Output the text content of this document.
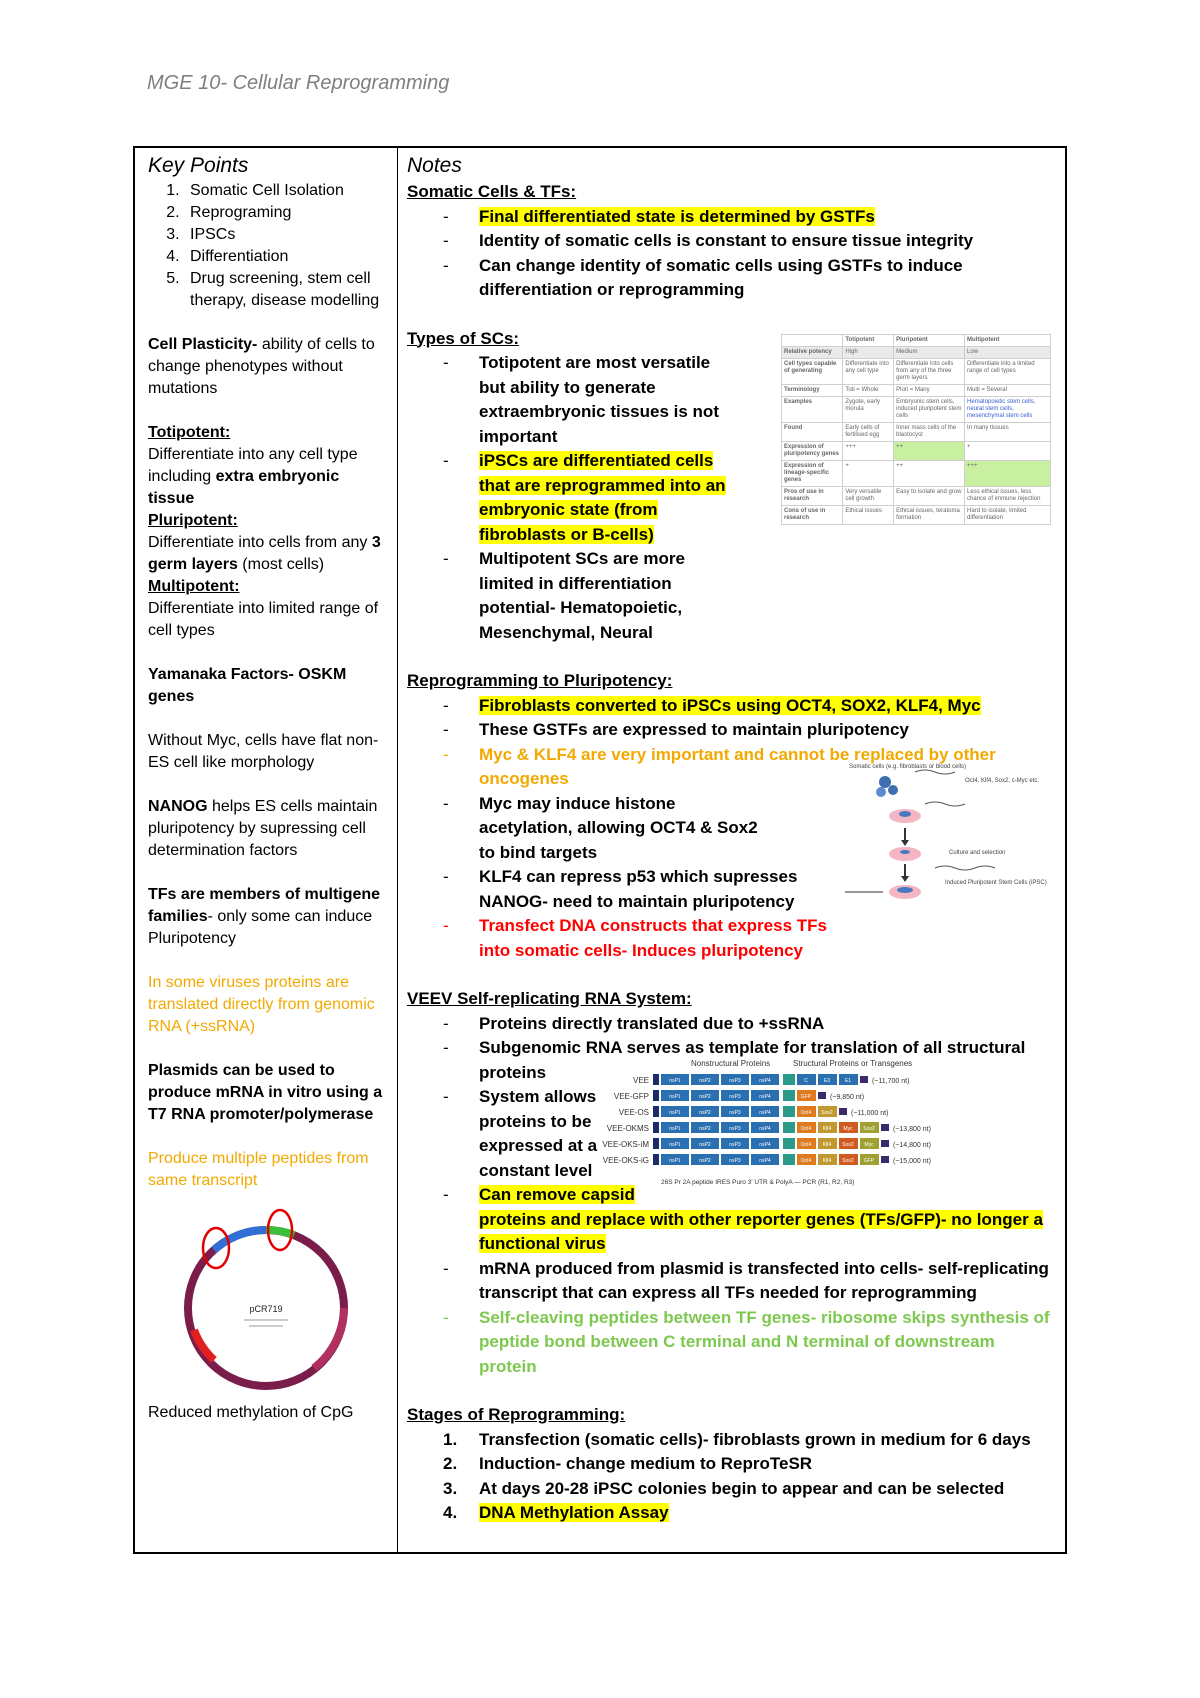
MGE 10- Cellular Reprogramming
Key Points
1. Somatic Cell Isolation
2. Reprograming
3. IPSCs
4. Differentiation
5. Drug screening, stem cell therapy, disease modelling

Cell Plasticity- ability of cells to change phenotypes without mutations

Totipotent:

Differentiate into any cell type including extra embryonic tissue

Pluripotent:

Differentiate into cells from any 3 germ layers (most cells)

Multipotent:

Differentiate into limited range of cell types

Yamanaka Factors- OSKM genes

Without Myc, cells have flat non-ES cell like morphology

NANOG helps ES cells maintain pluripotency by supressing cell determination factors

TFs are members of multigene families- only some can induce Pluripotency

In some viruses proteins are translated directly from genomic RNA (+ssRNA)

Plasmids can be used to produce mRNA in vitro using a T7 RNA promoter/polymerase

Produce multiple peptides from same transcript

pCR719

Reduced methylation of CpG

Notes
Somatic Cells & TFs:
- Final differentiated state is determined by GSTFs
- Identity of somatic cells is constant to ensure tissue integrity
- Can change identity of somatic cells using GSTFs to induce differentiation or reprogramming
Types of SCs:
- Totipotent are most versatile but ability to generate extraembryonic tissues is not important
- iPSCs are differentiated cells that are reprogrammed into an embryonic state (from fibroblasts or B-cells)
- Multipotent SCs are more limited in differentiation potential- Hematopoietic, Mesenchymal, Neural
Reprogramming to Pluripotency:
- Fibroblasts converted to iPSCs using OCT4, SOX2, KLF4, Myc
- These GSTFs are expressed to maintain pluripotency
- Myc & KLF4 are very important and cannot be replaced by other oncogenes
- Myc may induce histone acetylation, allowing OCT4 & Sox2 to bind targets
- KLF4 can repress p53 which supresses NANOG- need to maintain pluripotency
- Transfect DNA constructs that express TFs into somatic cells- Induces pluripotency
VEEV Self-replicating RNA System:
- Proteins directly translated due to +ssRNA
- Subgenomic RNA serves as template for translation of all structural proteins
- System allows proteins to be expressed at a constant level
- Can remove capsid
proteins and replace with other reporter genes (TFs/GFP)- no longer a functional virus
- mRNA produced from plasmid is transfected into cells- self-replicating transcript that can express all TFs needed for reprogramming
- Self-cleaving peptides between TF genes- ribosome skips synthesis of peptide bond between C terminal and N terminal of downstream protein
Stages of Reprogramming:
1. Transfection (somatic cells)- fibroblasts grown in medium for 6 days
2. Induction- change medium to ReproTeSR
3. At days 20-28 iPSC colonies begin to appear and can be selected
4. DNA Methylation Assay
	Totipotent	Pluripotent	Multipotent
Relative potency	High	Medium	Low
Cell types capable of generating	Differentiate into any cell type	Differentiate into cells from any of the three germ layers	Differentiate into a limited range of cell types
Terminology	Toti = Whole	Pluri = Many	Multi = Several
Examples	Zygote, early morula	Embryonic stem cells, induced pluripotent stem cells	Hematopoietic stem cells, neural stem cells, mesenchymal stem cells
Found	Early cells of fertilised egg	Inner mass cells of the blastocyst	In many tissues
Expression of pluripotency genes	+++	++	+
Expression of lineage-specific genes	+	++	+++
Pros of use in research	Very versatile cell growth	Easy to isolate and grow	Less ethical issues, less chance of immune rejection
Cons of use in research	Ethical issues	Ethical issues, teratoma formation	Hard to isolate, limited differentiation
Somatic cells (e.g. fibroblasts or blood cells)
Oct4, Klf4, Sox2, c-Myc etc.
Culture and selection
Induced Pluripotent Stem Cells (iPSC)
Nonstructural Proteins	Structural Proteins or Transgenes
VEE	nsP1	nsP2	nsP3	nsP4	C	E3	E1	(~11,700 nt)
VEE-GFP	nsP1	nsP2	nsP3	nsP4	GFP	(~9,850 nt)
VEE-OS	nsP1	nsP2	nsP3	nsP4	Oct4 Sox2	(~11,000 nt)
VEE-OKMS	nsP1	nsP2	nsP3	nsP4	Oct4 Klf4 Myc Sox2	(~13,800 nt)
VEE-OKS-iM	nsP1	nsP2	nsP3	nsP4	Oct4 Klf4 Sox2 Myc	(~14,800 nt)
VEE-OKS-iG	nsP1	nsP2	nsP3	nsP4	Oct4 Klf4 Sox2 GFP	(~15,000 nt)
26S Pr 2A peptide IRES Puro 3' UTR & PolyA — PCR (R1, R2, R3)
